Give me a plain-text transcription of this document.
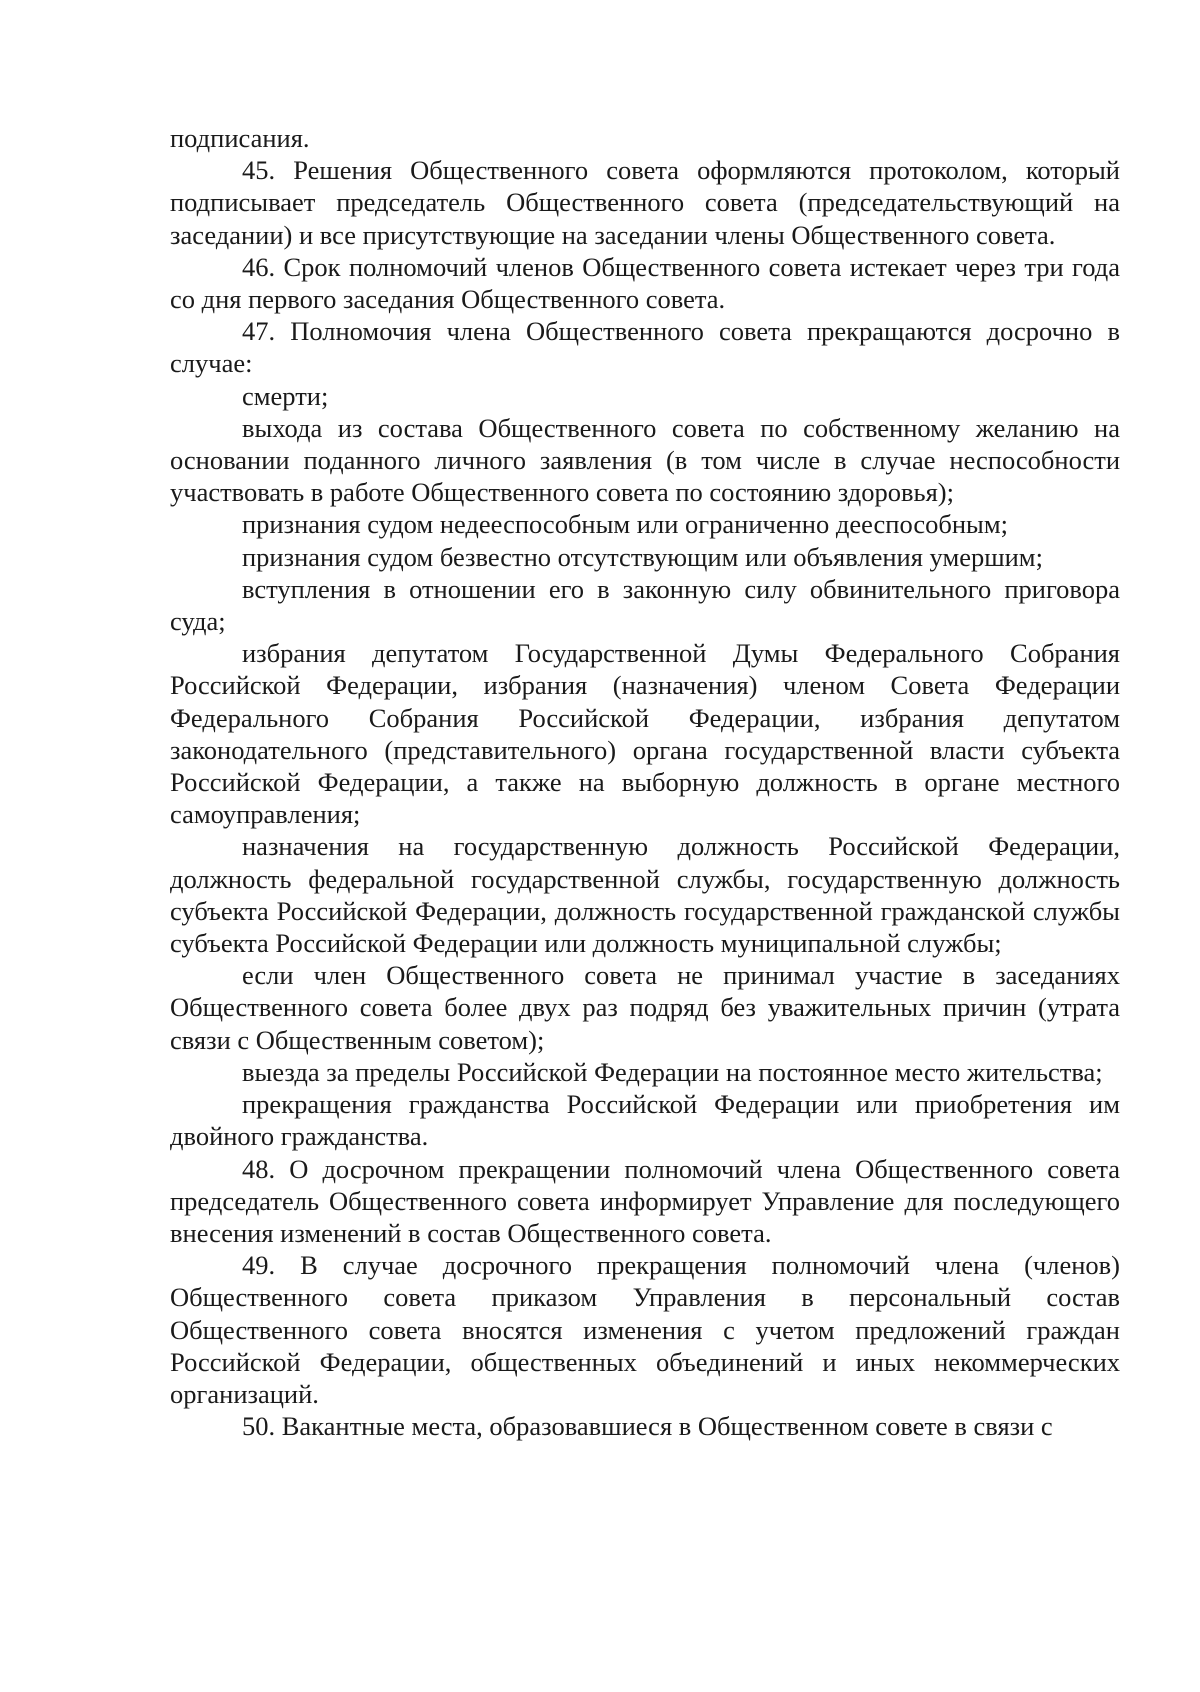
подписания.

45. Решения Общественного совета оформляются протоколом, который подписывает председатель Общественного совета (председательствующий на заседании) и все присутствующие на заседании члены Общественного совета.

46. Срок полномочий членов Общественного совета истекает через три года со дня первого заседания Общественного совета.

47. Полномочия члена Общественного совета прекращаются досрочно в случае:

смерти;

выхода из состава Общественного совета по собственному желанию на основании поданного личного заявления (в том числе в случае неспособности участвовать в работе Общественного совета по состоянию здоровья);

признания судом недееспособным или ограниченно дееспособным;

признания судом безвестно отсутствующим или объявления умершим;

вступления в отношении его в законную силу обвинительного приговора суда;

избрания депутатом Государственной Думы Федерального Собрания Российской Федерации, избрания (назначения) членом Совета Федерации Федерального Собрания Российской Федерации, избрания депутатом законодательного (представительного) органа государственной власти субъекта Российской Федерации, а также на выборную должность в органе местного самоуправления;

назначения на государственную должность Российской Федерации, должность федеральной государственной службы, государственную должность субъекта Российской Федерации, должность государственной гражданской службы субъекта Российской Федерации или должность муниципальной службы;

если член Общественного совета не принимал участие в заседаниях Общественного совета более двух раз подряд без уважительных причин (утрата связи с Общественным советом);

выезда за пределы Российской Федерации на постоянное место жительства;

прекращения гражданства Российской Федерации или приобретения им двойного гражданства.

48. О досрочном прекращении полномочий члена Общественного совета председатель Общественного совета информирует Управление для последующего внесения изменений в состав Общественного совета.

49. В случае досрочного прекращения полномочий члена (членов) Общественного совета приказом Управления в персональный состав Общественного совета вносятся изменения с учетом предложений граждан Российской Федерации, общественных объединений и иных некоммерческих организаций.

50. Вакантные места, образовавшиеся в Общественном совете в связи с
